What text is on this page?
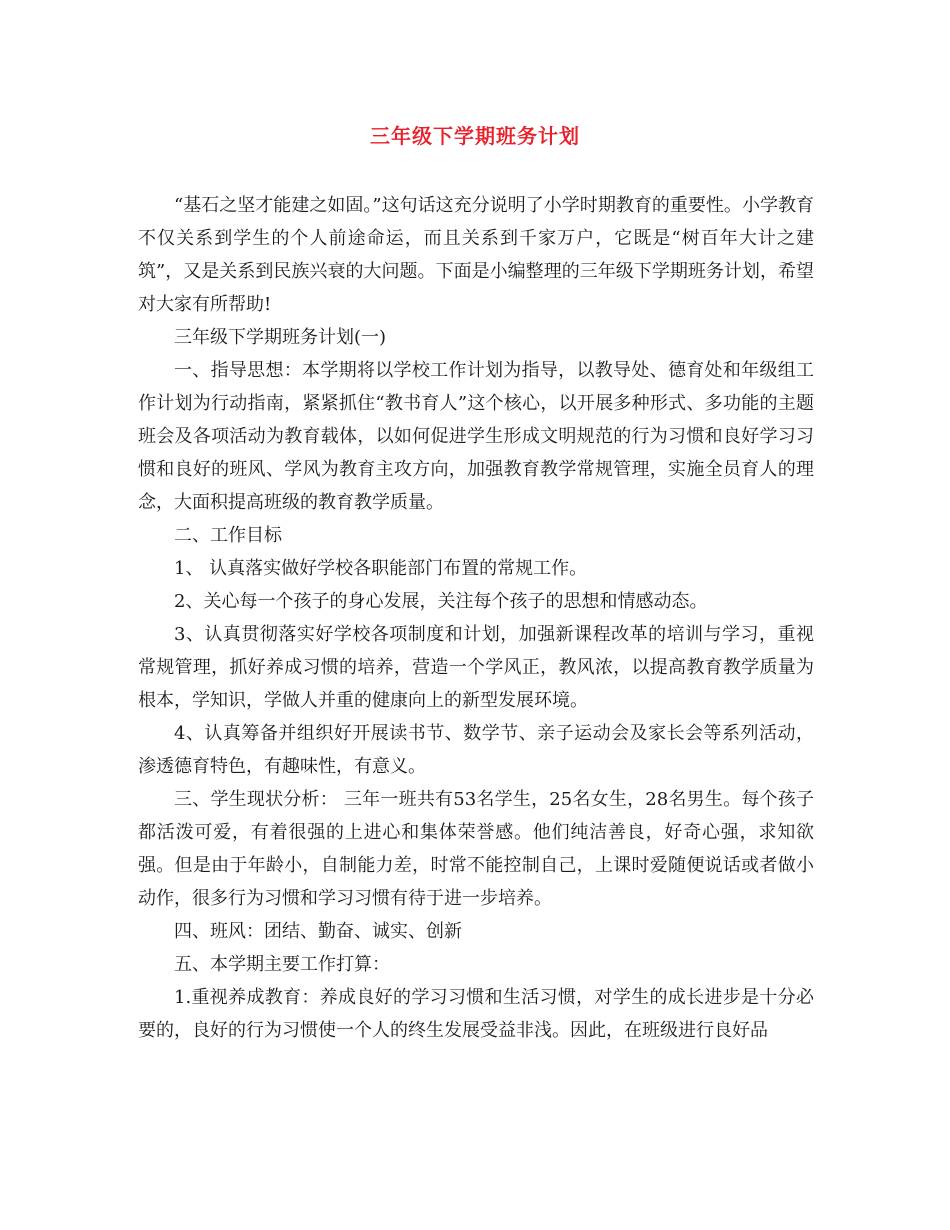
三年级下学期班务计划

“基石之坚才能建之如固。”这句话这充分说明了小学时期教育的重要性。小学教育不仅关系到学生的个人前途命运，而且关系到千家万户，它既是“树百年大计之建筑”，又是关系到民族兴衰的大问题。下面是小编整理的三年级下学期班务计划，希望对大家有所帮助!

三年级下学期班务计划(一)

一、指导思想：本学期将以学校工作计划为指导，以教导处、德育处和年级组工作计划为行动指南，紧紧抓住“教书育人”这个核心，以开展多种形式、多功能的主题班会及各项活动为教育载体，以如何促进学生形成文明规范的行为习惯和良好学习习惯和良好的班风、学风为教育主攻方向，加强教育教学常规管理，实施全员育人的理念，大面积提高班级的教育教学质量。

二、工作目标

1、 认真落实做好学校各职能部门布置的常规工作。

2、关心每一个孩子的身心发展，关注每个孩子的思想和情感动态。

3、认真贯彻落实好学校各项制度和计划，加强新课程改革的培训与学习，重视常规管理，抓好养成习惯的培养，营造一个学风正，教风浓，以提高教育教学质量为根本，学知识，学做人并重的健康向上的新型发展环境。

4、认真筹备并组织好开展读书节、数学节、亲子运动会及家长会等系列活动，渗透德育特色，有趣味性，有意义。

三、学生现状分析： 三年一班共有53名学生，25名女生，28名男生。每个孩子都活泼可爱，有着很强的上进心和集体荣誉感。他们纯洁善良，好奇心强，求知欲强。但是由于年龄小，自制能力差，时常不能控制自己，上课时爱随便说话或者做小动作，很多行为习惯和学习习惯有待于进一步培养。

四、班风：团结、勤奋、诚实、创新

五、本学期主要工作打算：

1.重视养成教育：养成良好的学习习惯和生活习惯，对学生的成长进步是十分必要的，良好的行为习惯使一个人的终生发展受益非浅。因此，在班级进行良好品
